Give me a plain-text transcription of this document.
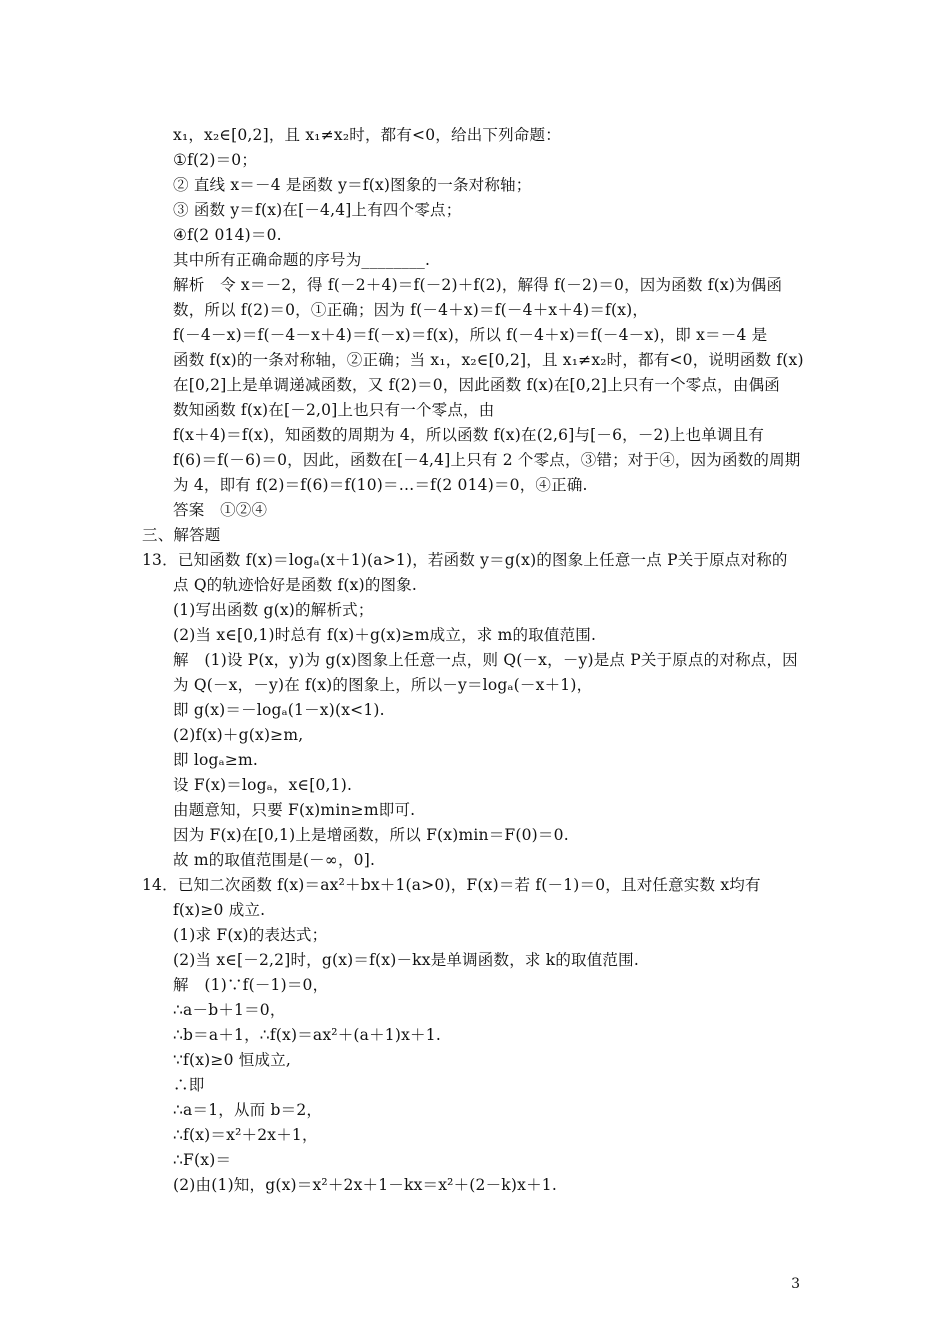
x₁，x₂∈[0,2]，且 x₁≠x₂时，都有<0，给出下列命题：
①f(2)＝0；
② 直线 x＝－4 是函数 y＝f(x)图象的一条对称轴；
③ 函数 y＝f(x)在[－4,4]上有四个零点；
④f(2 014)＝0.
其中所有正确命题的序号为________.
解析　令 x＝－2，得 f(－2＋4)＝f(－2)＋f(2)，解得 f(－2)＝0，因为函数 f(x)为偶函
数，所以 f(2)＝0，①正确；因为 f(－4＋x)＝f(－4＋x＋4)＝f(x)，
f(－4－x)＝f(－4－x＋4)＝f(－x)＝f(x)，所以 f(－4＋x)＝f(－4－x)，即 x＝－4 是
函数 f(x)的一条对称轴，②正确；当 x₁，x₂∈[0,2]，且 x₁≠x₂时，都有<0，说明函数 f(x)
在[0,2]上是单调递减函数，又 f(2)＝0，因此函数 f(x)在[0,2]上只有一个零点，由偶函
数知函数 f(x)在[－2,0]上也只有一个零点，由
f(x＋4)＝f(x)，知函数的周期为 4，所以函数 f(x)在(2,6]与[－6，－2)上也单调且有
f(6)＝f(－6)＝0，因此，函数在[－4,4]上只有 2 个零点，③错；对于④，因为函数的周期
为 4，即有 f(2)＝f(6)＝f(10)＝…＝f(2 014)＝0，④正确.
答案　①②④
三、解答题
13．已知函数 f(x)＝logₐ(x＋1)(a>1)，若函数 y＝g(x)的图象上任意一点 P关于原点对称的
点 Q的轨迹恰好是函数 f(x)的图象.
(1)写出函数 g(x)的解析式；
(2)当 x∈[0,1)时总有 f(x)＋g(x)≥m成立，求 m的取值范围.
解　(1)设 P(x，y)为 g(x)图象上任意一点，则 Q(－x，－y)是点 P关于原点的对称点，因
为 Q(－x，－y)在 f(x)的图象上，所以－y＝logₐ(－x＋1)，
即 g(x)＝－logₐ(1－x)(x<1).
(2)f(x)＋g(x)≥m,
即 logₐ≥m.
设 F(x)＝logₐ，x∈[0,1).
由题意知，只要 F(x)min≥m即可.
因为 F(x)在[0,1)上是增函数，所以 F(x)min＝F(0)＝0.
故 m的取值范围是(－∞，0].
14．已知二次函数 f(x)＝ax²＋bx＋1(a>0)，F(x)＝若 f(－1)＝0，且对任意实数 x均有
f(x)≥0 成立.
(1)求 F(x)的表达式；
(2)当 x∈[－2,2]时，g(x)＝f(x)－kx是单调函数，求 k的取值范围.
解　(1)∵f(－1)＝0，
∴a－b＋1＝0，
∴b＝a＋1，∴f(x)＝ax²＋(a＋1)x＋1.
∵f(x)≥0 恒成立,
∴即
∴a＝1，从而 b＝2，
∴f(x)＝x²＋2x＋1，
∴F(x)＝
(2)由(1)知，g(x)＝x²＋2x＋1－kx＝x²＋(2－k)x＋1.
3
